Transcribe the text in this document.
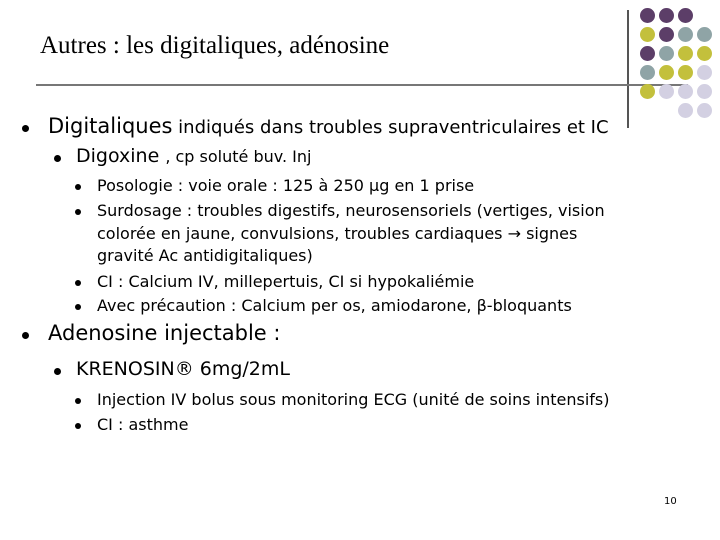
Autres : les digitaliques, adénosine
Digitaliques indiqués dans troubles supraventriculaires et IC
Digoxine , cp soluté buv. Inj
Posologie : voie orale : 125 à 250 µg en 1 prise
Surdosage : troubles digestifs, neurosensoriels (vertiges, vision
colorée en jaune, convulsions, troubles cardiaques → signes
gravité Ac antidigitaliques)
CI : Calcium IV, millepertuis, CI si hypokaliémie
Avec précaution : Calcium per os, amiodarone, β-bloquants
Adenosine injectable :
KRENOSIN® 6mg/2mL
Injection IV bolus sous monitoring ECG (unité de soins intensifs)
CI : asthme
10
